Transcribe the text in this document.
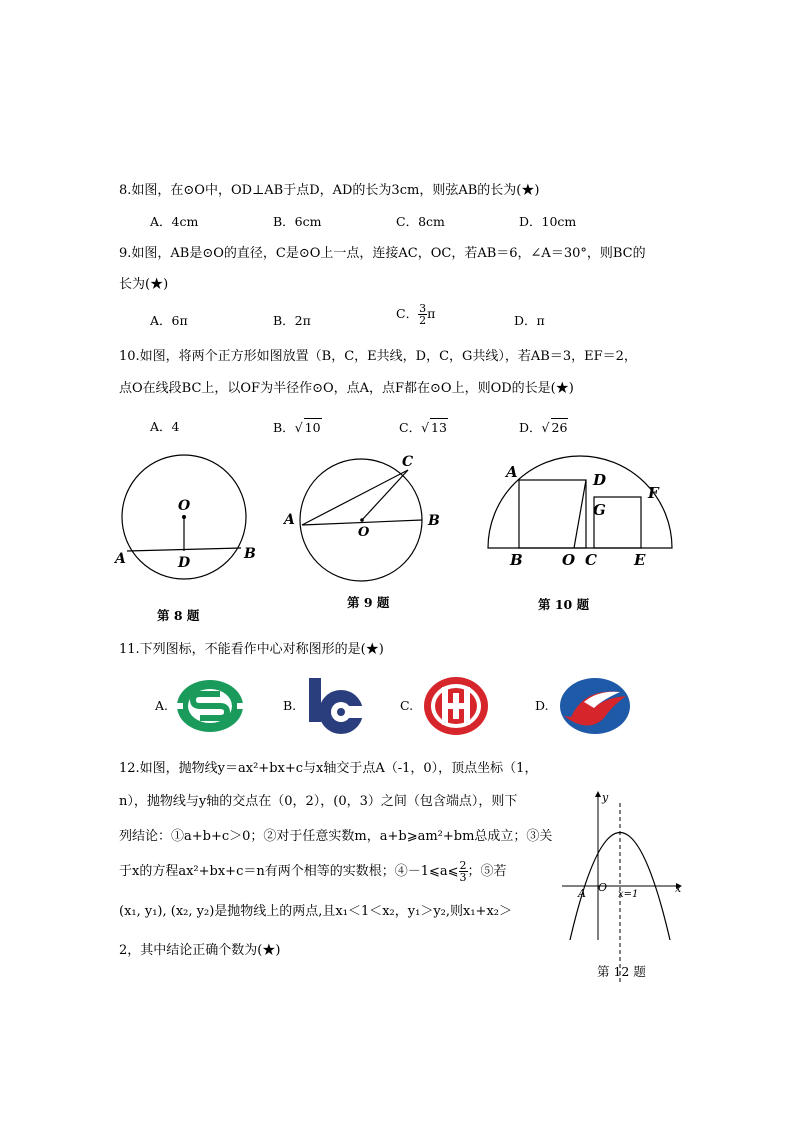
8.如图，在⊙O中，OD⊥AB于点D，AD的长为3cm，则弦AB的长为(★)
A．4cm	B．6cm	C．8cm	D．10cm
9.如图，AB是⊙O的直径，C是⊙O上一点，连接AC，OC，若AB＝6，∠A＝30°，则BC的
长为(★)
A．6π	B．2π	C． $\frac{3}{2}$ π	D．π
10.如图，将两个正方形如图放置（B，C，E共线，D，C，G共线），若AB＝3，EF＝2，
点O在线段BC上，以OF为半径作⊙O，点A，点F都在⊙O上，则OD的长是(★)
A．4	B．√ 10	C．√ 13	D．√ 26
O
A	D
B
第 8 题
C
A
O
B
第 9 题
A	D
F
G
B	O C E
第 10 题
11.下列图标，不能看作中心对称图形的是(★)
A.	B.	C.	D.
12.如图，抛物线y＝ax²+bx+c与x轴交于点A（-1，0），顶点坐标（1，
n），抛物线与y轴的交点在（0，2），(0，3）之间（包含端点），则下
列结论：①a+b+c＞0；②对于任意实数m，a+b⩾am²+bm总成立；③关
于x的方程ax²+bx+c＝n有两个相等的实数根；④－1⩽a⩽ $\frac{2}{3}$ ；⑤若
(x₁, y₁), (x₂, y₂)是抛物线上的两点,且x₁＜1＜x₂，y₁＞y₂,则x₁+x₂＞
2，其中结论正确个数为(★)
y
x
A O
x=1
第 12 题
